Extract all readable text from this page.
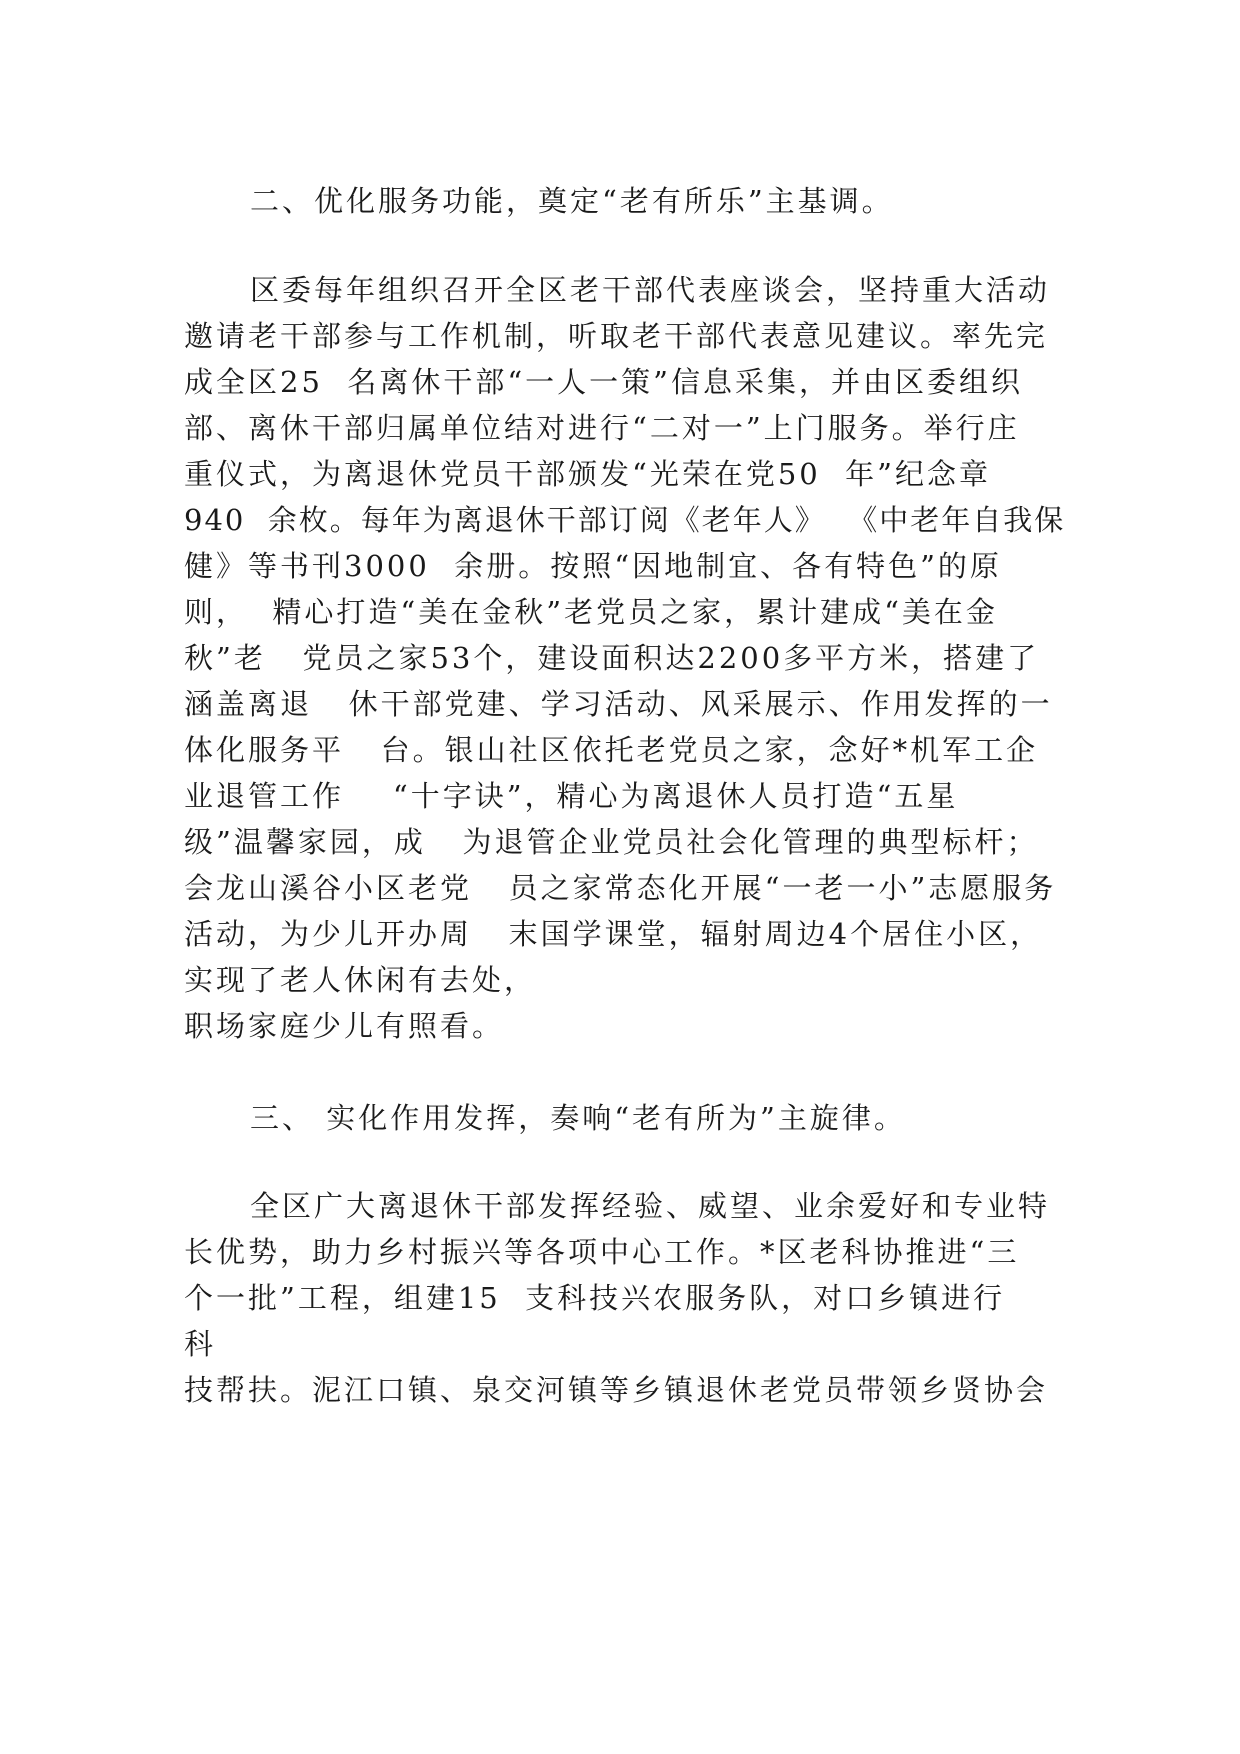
二、优化服务功能，奠定“老有所乐”主基调。
区委每年组织召开全区老干部代表座谈会，坚持重大活动
邀请老干部参与工作机制，听取老干部代表意见建议。率先完
成全区25  名离休干部“一人一策”信息采集，并由区委组织
部、离休干部归属单位结对进行“二对一”上门服务。举行庄
重仪式，为离退休党员干部颁发“光荣在党50  年”纪念章
940  余枚。每年为离退休干部订阅《老年人》  《中老年自我保
健》等书刊3000  余册。按照“因地制宜、各有特色”的原
则，  精心打造“美在金秋”老党员之家，累计建成“美在金
秋”老   党员之家53个，建设面积达2200多平方米，搭建了
涵盖离退   休干部党建、学习活动、风采展示、作用发挥的一
体化服务平   台。银山社区依托老党员之家，念好*机军工企
业退管工作    “十字诀”，精心为离退休人员打造“五星
级”温馨家园，成   为退管企业党员社会化管理的典型标杆；
会龙山溪谷小区老党   员之家常态化开展“一老一小”志愿服务
活动，为少儿开办周   末国学课堂，辐射周边4个居住小区，
实现了老人休闲有去处，
职场家庭少儿有照看。
三、 实化作用发挥，奏响“老有所为”主旋律。
全区广大离退休干部发挥经验、威望、业余爱好和专业特
长优势，助力乡村振兴等各项中心工作。*区老科协推进“三
个一批”工程，组建15  支科技兴农服务队，对口乡镇进行
科
技帮扶。泥江口镇、泉交河镇等乡镇退休老党员带领乡贤协会
